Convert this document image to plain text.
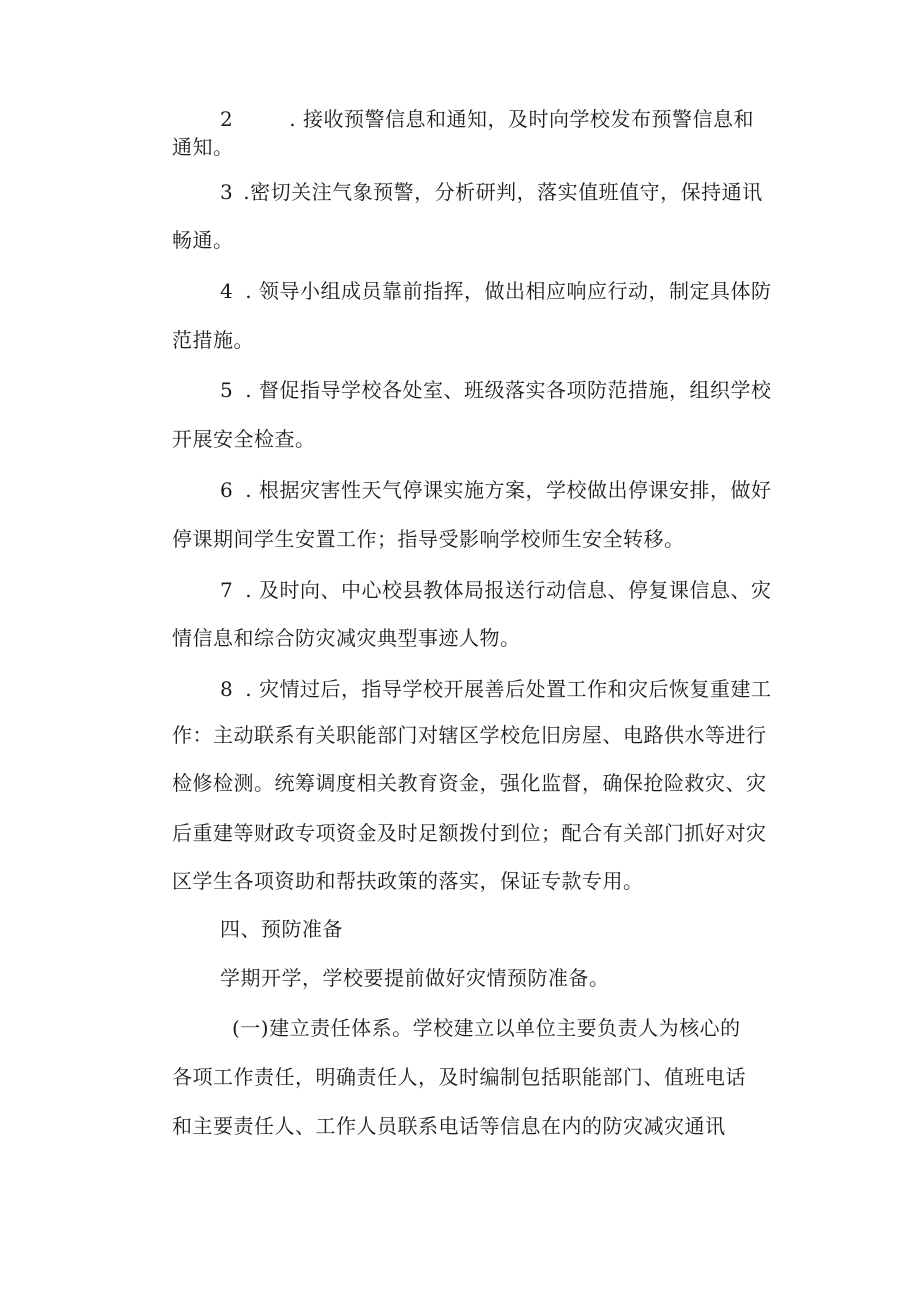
2	. 接收预警信息和通知，及时向学校发布预警信息和
通知。
3 .密切关注气象预警，分析研判，落实值班值守，保持通讯
畅通。
4 . 领导小组成员靠前指挥，做出相应响应行动，制定具体防
范措施。
5 . 督促指导学校各处室、班级落实各项防范措施，组织学校
开展安全检查。
6 . 根据灾害性天气停课实施方案，学校做出停课安排，做好
停课期间学生安置工作；指导受影响学校师生安全转移。
7 . 及时向、中心校县教体局报送行动信息、停复课信息、灾
情信息和综合防灾减灾典型事迹人物。
8 . 灾情过后，指导学校开展善后处置工作和灾后恢复重建工
作：主动联系有关职能部门对辖区学校危旧房屋、电路供水等进行
检修检测。统筹调度相关教育资金，强化监督，确保抢险救灾、灾
后重建等财政专项资金及时足额拨付到位；配合有关部门抓好对灾
区学生各项资助和帮扶政策的落实，保证专款专用。
四、预防准备
学期开学，学校要提前做好灾情预防准备。
(一)建立责任体系。学校建立以单位主要负责人为核心的
各项工作责任，明确责任人，及时编制包括职能部门、值班电话
和主要责任人、工作人员联系电话等信息在内的防灾减灾通讯
